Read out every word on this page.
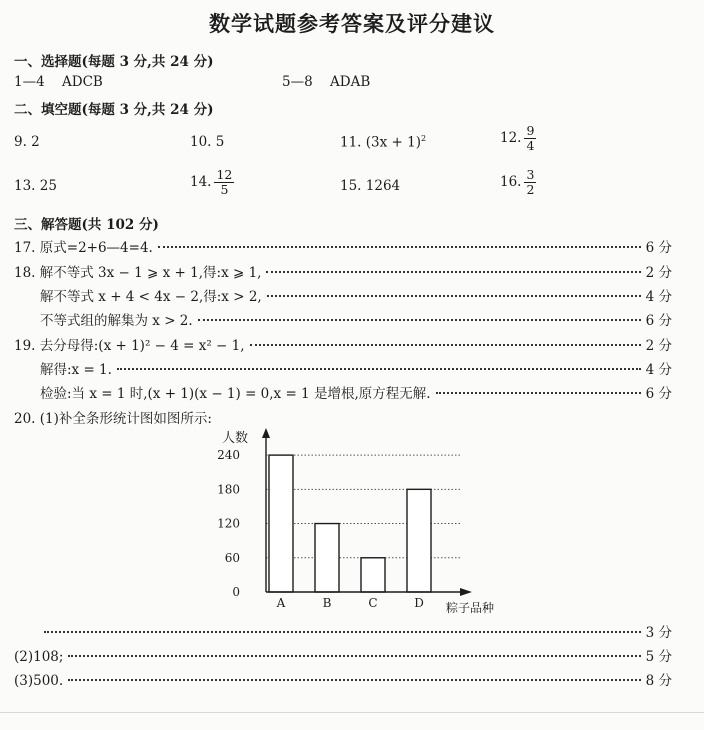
数学试题参考答案及评分建议
一、选择题(每题 3 分,共 24 分)
1—4 ADCB	5—8 ADAB
二、填空题(每题 3 分,共 24 分)
9. 2	10. 5	11. $(3x + 1)^2$	12. $\frac{9}{4}$
13. 25	14. $\frac{12}{5}$	15. 1264	16. $\frac{3}{2}$
三、解答题(共 102 分)
17. 原式=2+6—4=4.	6 分
18. 解不等式 3x − 1 ⩾ x + 1,得:x ⩾ 1,	2 分
解不等式 x + 4 < 4x − 2,得:x > 2,	4 分
不等式组的解集为 x > 2.	6 分
19. 去分母得:(x + 1)² − 4 = x² − 1,	2 分
解得:x = 1.	4 分
检验:当 x = 1 时,(x + 1)(x − 1) = 0,x = 1 是增根,原方程无解.	6 分
20. (1)补全条形统计图如图所示:
0
60
120
180
240
A	B	C	D
人数
粽子品种
3 分
(2)108;	5 分
(3)500.	8 分
